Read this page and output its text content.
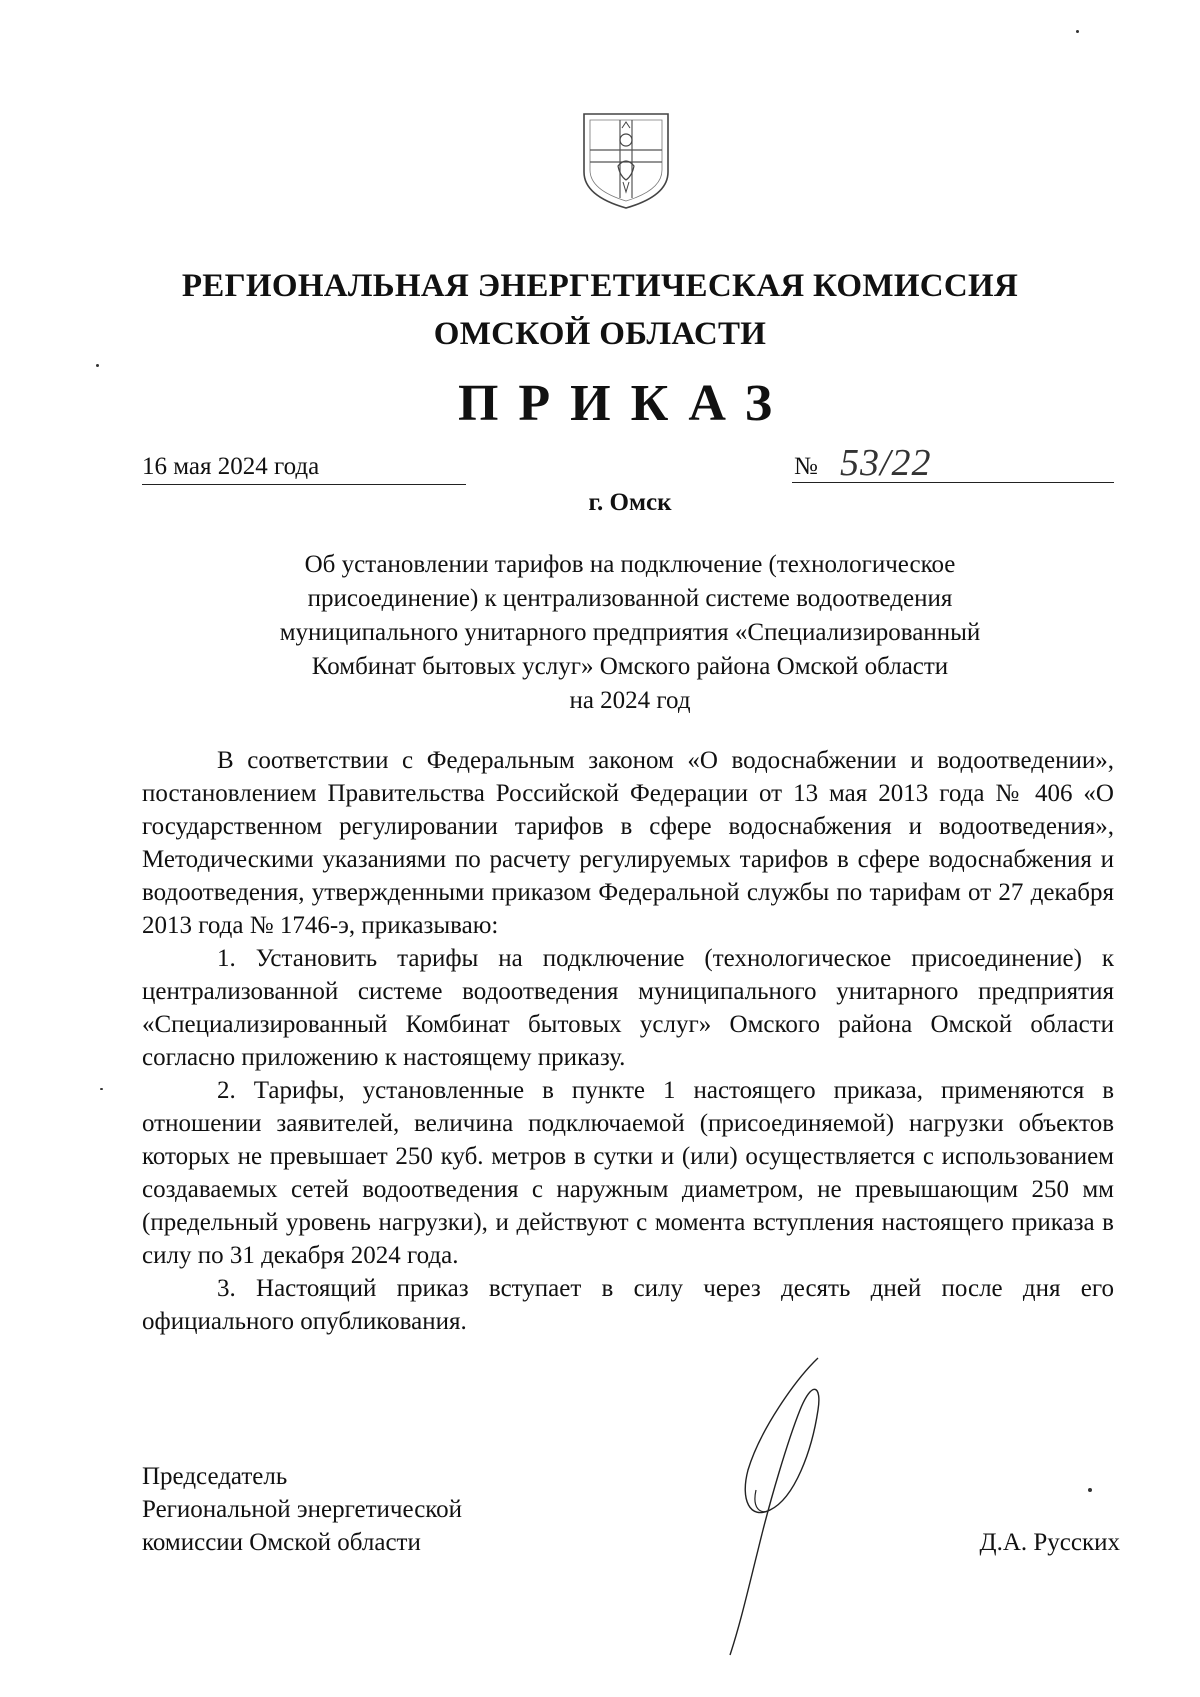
РЕГИОНАЛЬНАЯ ЭНЕРГЕТИЧЕСКАЯ КОМИССИЯ
ОМСКОЙ ОБЛАСТИ
ПРИКАЗ
16 мая 2024 года	№ 53/22
г. Омск
Об установлении тарифов на подключение (технологическое
присоединение) к централизованной системе водоотведения
муниципального унитарного предприятия «Специализированный
Комбинат бытовых услуг» Омского района Омской области
на 2024 год

В соответствии с Федеральным законом «О водоснабжении и водоотведении», постановлением Правительства Российской Федерации от 13 мая 2013 года № 406 «О государственном регулировании тарифов в сфере водоснабжения и водоотведения», Методическими указаниями по расчету регулируемых тарифов в сфере водоснабжения и водоотведения, утвержденными приказом Федеральной службы по тарифам от 27 декабря 2013 года № 1746-э, приказываю:

1. Установить тарифы на подключение (технологическое присоединение) к централизованной системе водоотведения муниципального унитарного предприятия «Специализированный Комбинат бытовых услуг» Омского района Омской области согласно приложению к настоящему приказу.

2. Тарифы, установленные в пункте 1 настоящего приказа, применяются в отношении заявителей, величина подключаемой (присоединяемой) нагрузки объектов которых не превышает 250 куб. метров в сутки и (или) осуществляется с использованием создаваемых сетей водоотведения с наружным диаметром, не превышающим 250 мм (предельный уровень нагрузки), и действуют с момента вступления настоящего приказа в силу по 31 декабря 2024 года.

3. Настоящий приказ вступает в силу через десять дней после дня его официального опубликования.

Председатель
Региональной энергетической
комиссии Омской области	Д.А. Русских
